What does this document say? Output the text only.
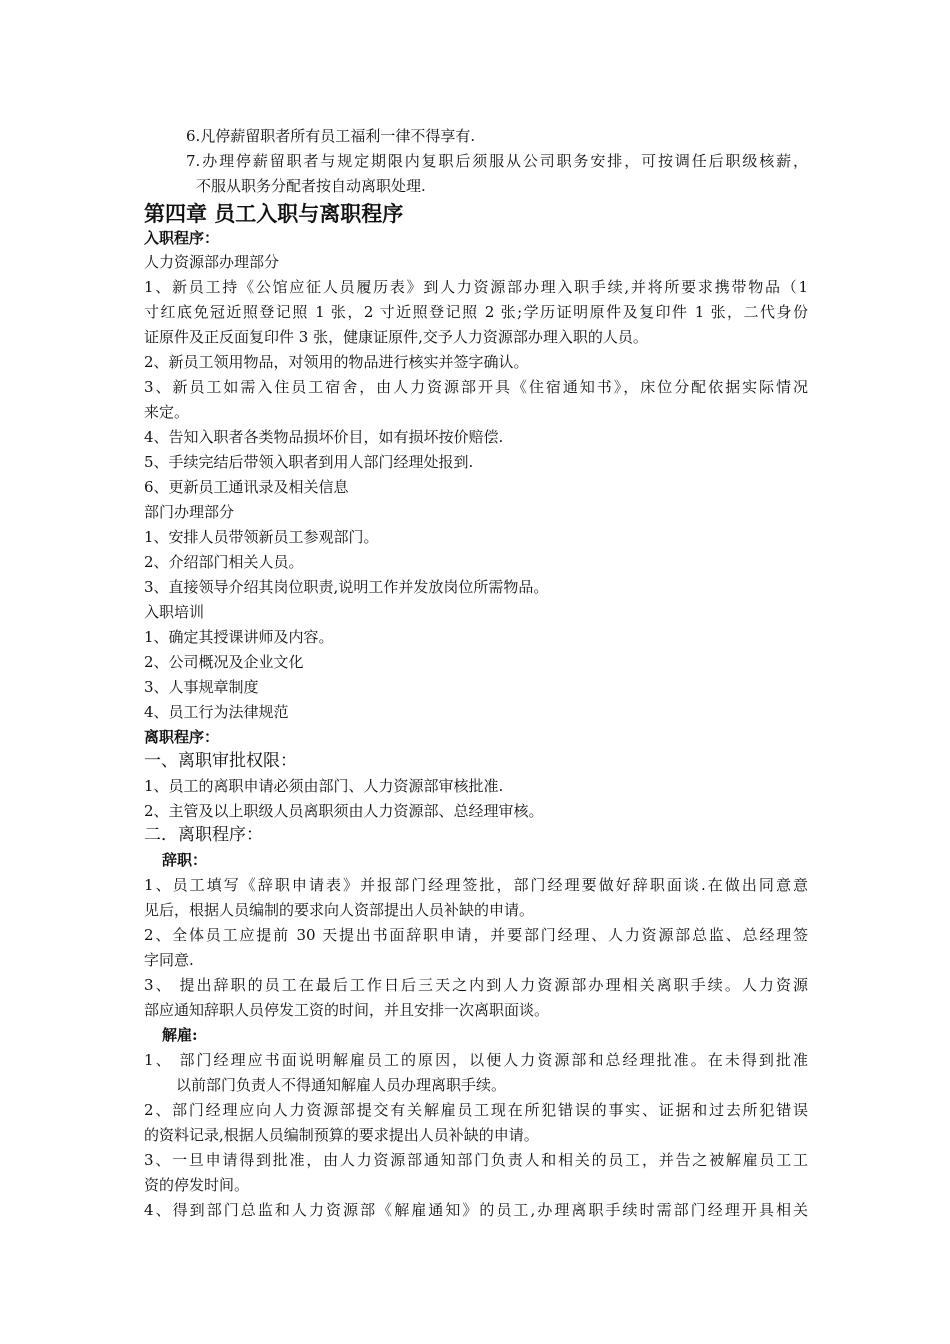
6.凡停薪留职者所有员工福利一律不得享有.
7.办理停薪留职者与规定期限内复职后须服从公司职务安排，可按调任后职级核薪，
不服从职务分配者按自动离职处理.
第四章 员工入职与离职程序
入职程序：
人力资源部办理部分
1、新员工持《公馆应征人员履历表》到人力资源部办理入职手续,并将所要求携带物品（1
寸红底免冠近照登记照 1 张，2 寸近照登记照 2 张;学历证明原件及复印件 1 张，二代身份
证原件及正反面复印件 3 张，健康证原件,交予人力资源部办理入职的人员。
2、新员工领用物品，对领用的物品进行核实并签字确认。
3、新员工如需入住员工宿舍，由人力资源部开具《住宿通知书》，床位分配依据实际情况
来定。
4、告知入职者各类物品损坏价目，如有损坏按价赔偿.
5、手续完结后带领入职者到用人部门经理处报到.
6、更新员工通讯录及相关信息
部门办理部分
1、安排人员带领新员工参观部门。
2、介绍部门相关人员。
3、直接领导介绍其岗位职责,说明工作并发放岗位所需物品。
入职培训
1、确定其授课讲师及内容。
2、公司概况及企业文化
3、人事规章制度
4、员工行为法律规范
离职程序：
一、离职审批权限：
1、员工的离职申请必须由部门、人力资源部审核批准.
2、主管及以上职级人员离职须由人力资源部、总经理审核。
二．离职程序：
辞职：
1、员工填写《辞职申请表》并报部门经理签批，部门经理要做好辞职面谈.在做出同意意
见后，根据人员编制的要求向人资部提出人员补缺的申请。
2、全体员工应提前 30 天提出书面辞职申请，并要部门经理、人力资源部总监、总经理签
字同意.
3、 提出辞职的员工在最后工作日后三天之内到人力资源部办理相关离职手续。人力资源
部应通知辞职人员停发工资的时间，并且安排一次离职面谈。
解雇:
1、 部门经理应书面说明解雇员工的原因，以便人力资源部和总经理批准。在未得到批准
以前部门负责人不得通知解雇人员办理离职手续。
2、部门经理应向人力资源部提交有关解雇员工现在所犯错误的事实、证据和过去所犯错误
的资料记录,根据人员编制预算的要求提出人员补缺的申请。
3、一旦申请得到批准，由人力资源部通知部门负责人和相关的员工，并告之被解雇员工工
资的停发时间。
4、得到部门总监和人力资源部《解雇通知》的员工,办理离职手续时需部门经理开具相关
